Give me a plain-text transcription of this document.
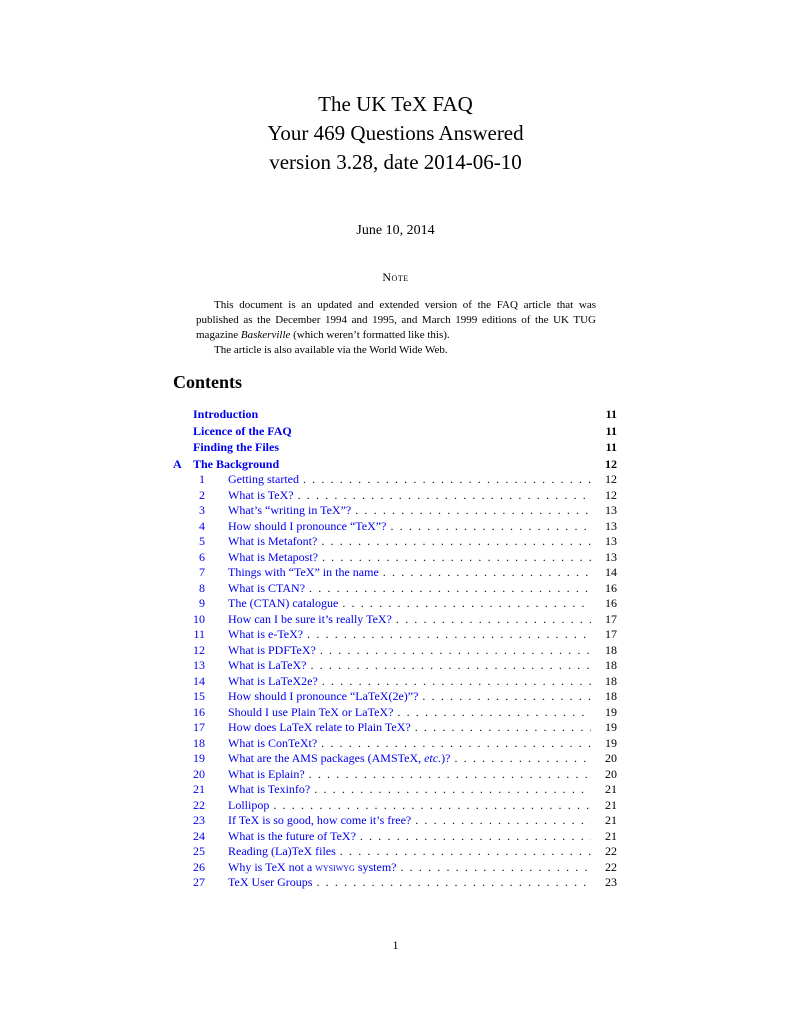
The UK TeX FAQ
Your 469 Questions Answered
version 3.28, date 2014-06-10
June 10, 2014
Note

This document is an updated and extended version of the FAQ article that was published as the December 1994 and 1995, and March 1999 editions of the UK TUG magazine Baskerville (which weren’t formatted like this).

The article is also available via the World Wide Web.

Contents
Introduction	11
Licence of the FAQ	11
Finding the Files	11
A The Background	12
1	Getting started . . .	12
2	What is TeX? . . .	12
3	What’s “writing in TeX”? . . .	13
4	How should I pronounce “TeX”? . . .	13
5	What is Metafont? . . .	13
6	What is Metapost? . . .	13
7	Things with “TeX” in the name . . .	14
8	What is CTAN? . . .	16
9	The (CTAN) catalogue . . .	16
10	How can I be sure it’s really TeX? . . .	17
11	What is e-TeX? . . .	17
12	What is PDFTeX? . . .	18
13	What is LaTeX? . . .	18
14	What is LaTeX2e? . . .	18
15	How should I pronounce “LaTeX(2e)”? . . .	18
16	Should I use Plain TeX or LaTeX? . . .	19
17	How does LaTeX relate to Plain TeX? . . .	19
18	What is ConTeXt? . . .	19
19	What are the AMS packages (AMSTeX, etc.)? . . .	20
20	What is Eplain? . . .	20
21	What is Texinfo? . . .	21
22	Lollipop . . .	21
23	If TeX is so good, how come it’s free? . . .	21
24	What is the future of TeX? . . .	21
25	Reading (La)TeX files . . .	22
26	Why is TeX not a wysiwyg system? . . .	22
27	TeX User Groups . . .	23
1
